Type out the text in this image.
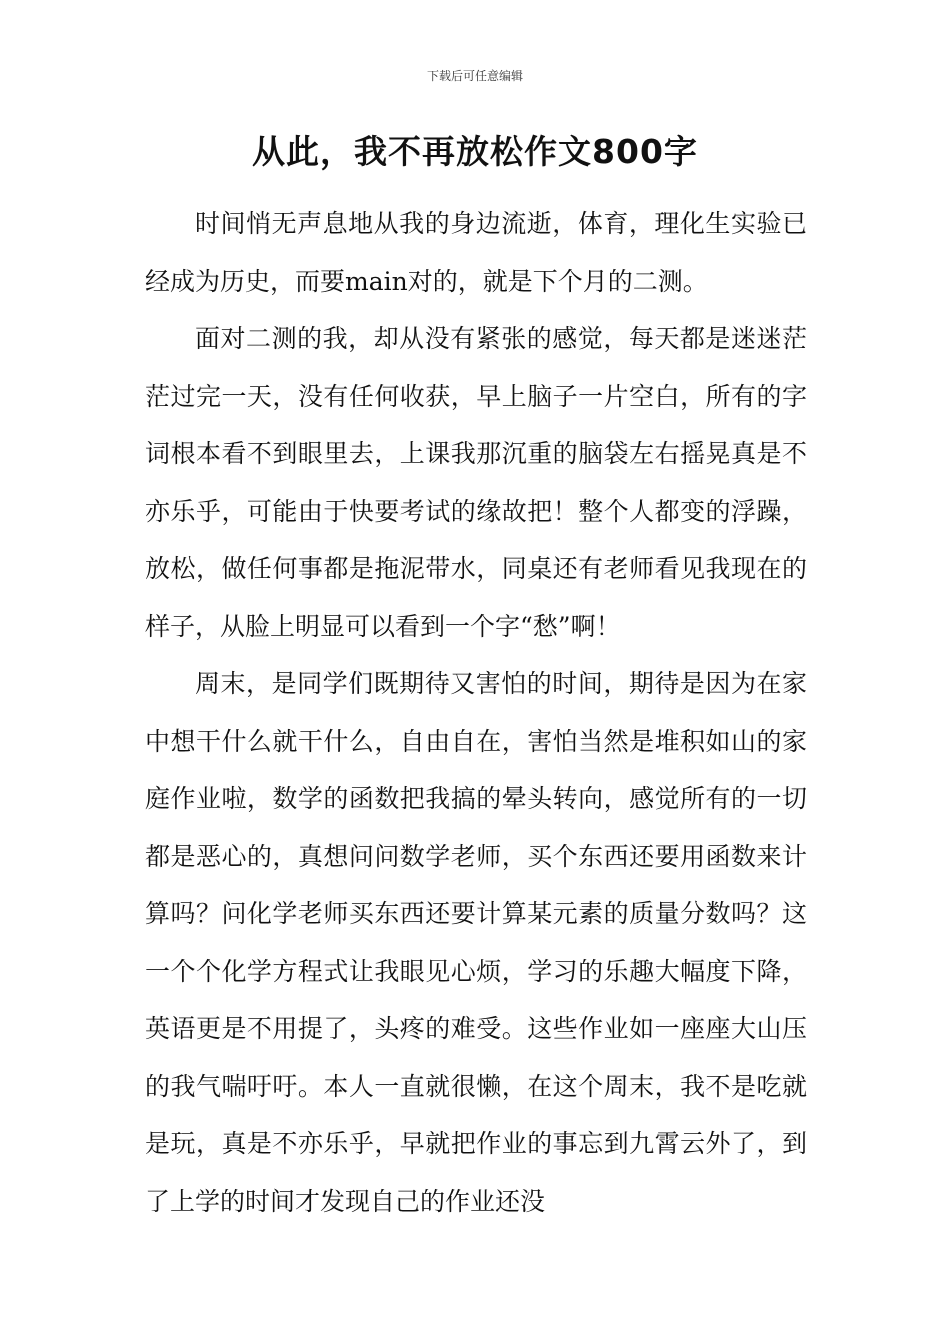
下载后可任意编辑
从此，我不再放松作文800字

时间悄无声息地从我的身边流逝，体育，理化生实验已经成为历史，而要main对的，就是下个月的二测。

面对二测的我，却从没有紧张的感觉，每天都是迷迷茫茫过完一天，没有任何收获，早上脑子一片空白，所有的字词根本看不到眼里去，上课我那沉重的脑袋左右摇晃真是不亦乐乎，可能由于快要考试的缘故把！整个人都变的浮躁，放松，做任何事都是拖泥带水，同桌还有老师看见我现在的样子，从脸上明显可以看到一个字“愁”啊！

周末，是同学们既期待又害怕的时间，期待是因为在家中想干什么就干什么，自由自在，害怕当然是堆积如山的家庭作业啦，数学的函数把我搞的晕头转向，感觉所有的一切都是恶心的，真想问问数学老师，买个东西还要用函数来计算吗？问化学老师买东西还要计算某元素的质量分数吗？这一个个化学方程式让我眼见心烦，学习的乐趣大幅度下降，英语更是不用提了，头疼的难受。这些作业如一座座大山压的我气喘吁吁。本人一直就很懒，在这个周末，我不是吃就是玩，真是不亦乐乎，早就把作业的事忘到九霄云外了，到了上学的时间才发现自己的作业还没
